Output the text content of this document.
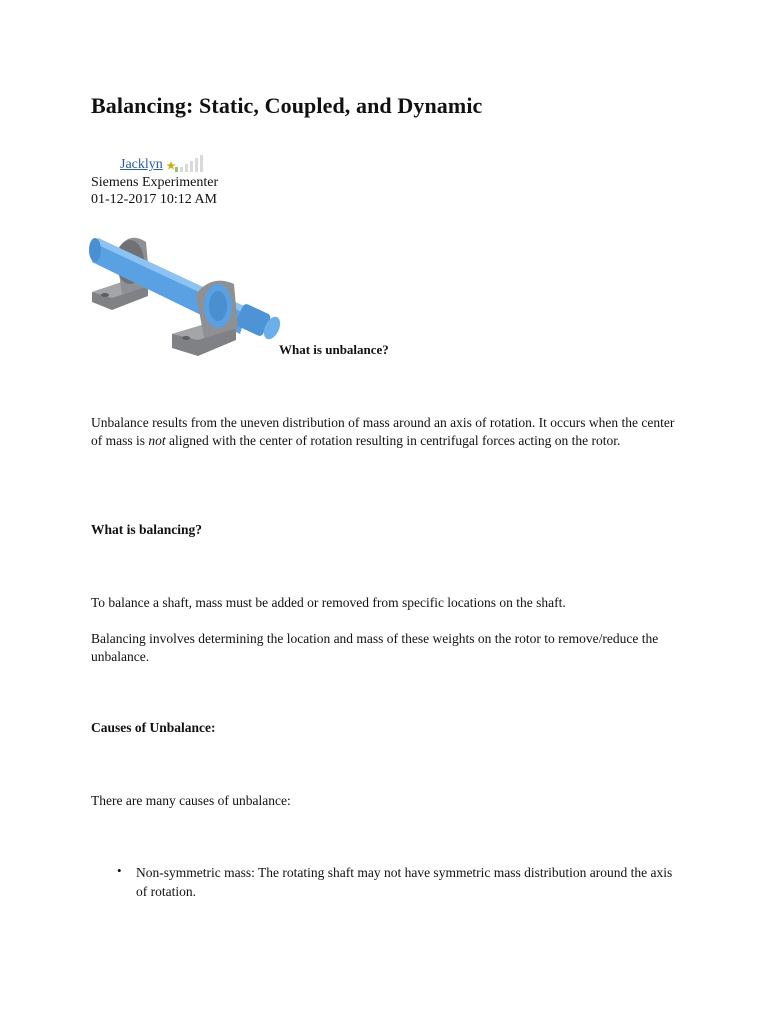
Balancing: Static, Coupled, and Dynamic
Jacklyn
Siemens Experimenter
01-12-2017 10:12 AM
What is unbalance?

Unbalance results from the uneven distribution of mass around an axis of rotation. It occurs when the center of mass is not aligned with the center of rotation resulting in centrifugal forces acting on the rotor.

What is balancing?

To balance a shaft, mass must be added or removed from specific locations on the shaft.

Balancing involves determining the location and mass of these weights on the rotor to remove/reduce the unbalance.

Causes of Unbalance:

There are many causes of unbalance:

•	Non-symmetric mass: The rotating shaft may not have symmetric mass distribution around the axis of rotation.
